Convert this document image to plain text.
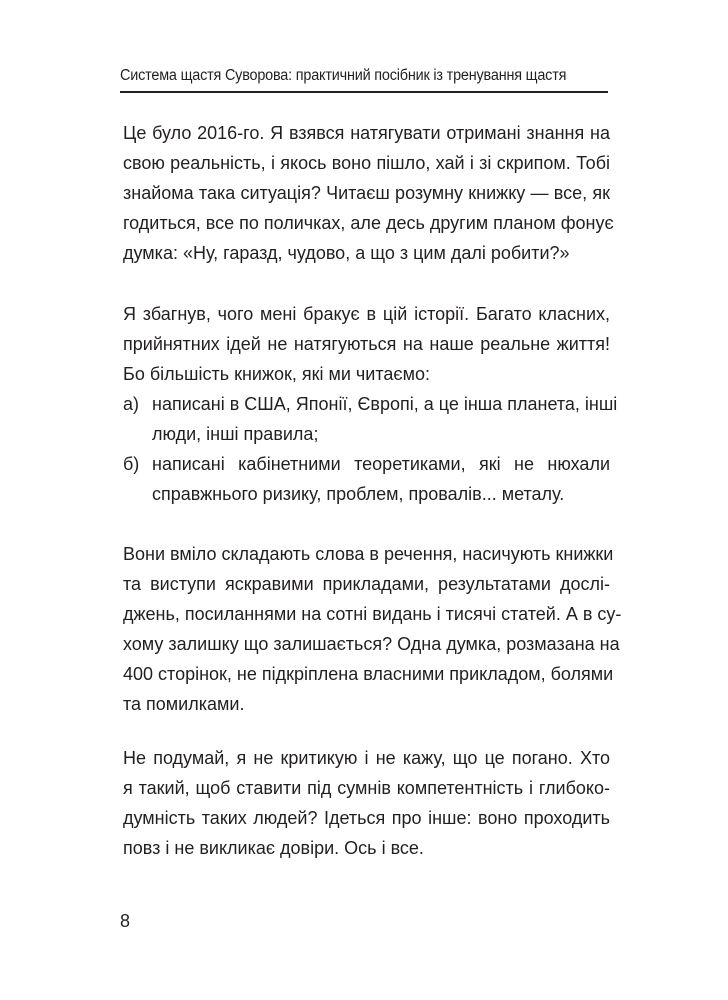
Система щастя Суворова: практичний посібник із тренування щастя
Це було 2016-го. Я взявся натягувати отримані знання на
свою реальність, і якось воно пішло, хай і зі скрипом. Тобі
знайома така ситуація? Читаєш розумну книжку — все, як
годиться, все по поличках, але десь другим планом фонує
думка: «Ну, гаразд, чудово, а що з цим далі робити?»
Я збагнув, чого мені бракує в цій історії. Багато класних,
прийнятних ідей не натягуються на наше реальне життя!
Бо більшість книжок, які ми читаємо:
а) написані в США, Японії, Європі, а це інша планета, інші
люди, інші правила;
б) написані кабінетними теоретиками, які не нюхали
справжнього ризику, проблем, провалів... металу.
Вони вміло складають слова в речення, насичують книжки
та виступи яскравими прикладами, результатами дослі-
джень, посиланнями на сотні видань і тисячі статей. А в су-
хому залишку що залишається? Одна думка, розмазана на
400 сторінок, не підкріплена власними прикладом, болями
та помилками.
Не подумай, я не критикую і не кажу, що це погано. Хто
я такий, щоб ставити під сумнів компетентність і глибоко-
думність таких людей? Ідеться про інше: воно проходить
повз і не викликає довіри. Ось і все.
8
